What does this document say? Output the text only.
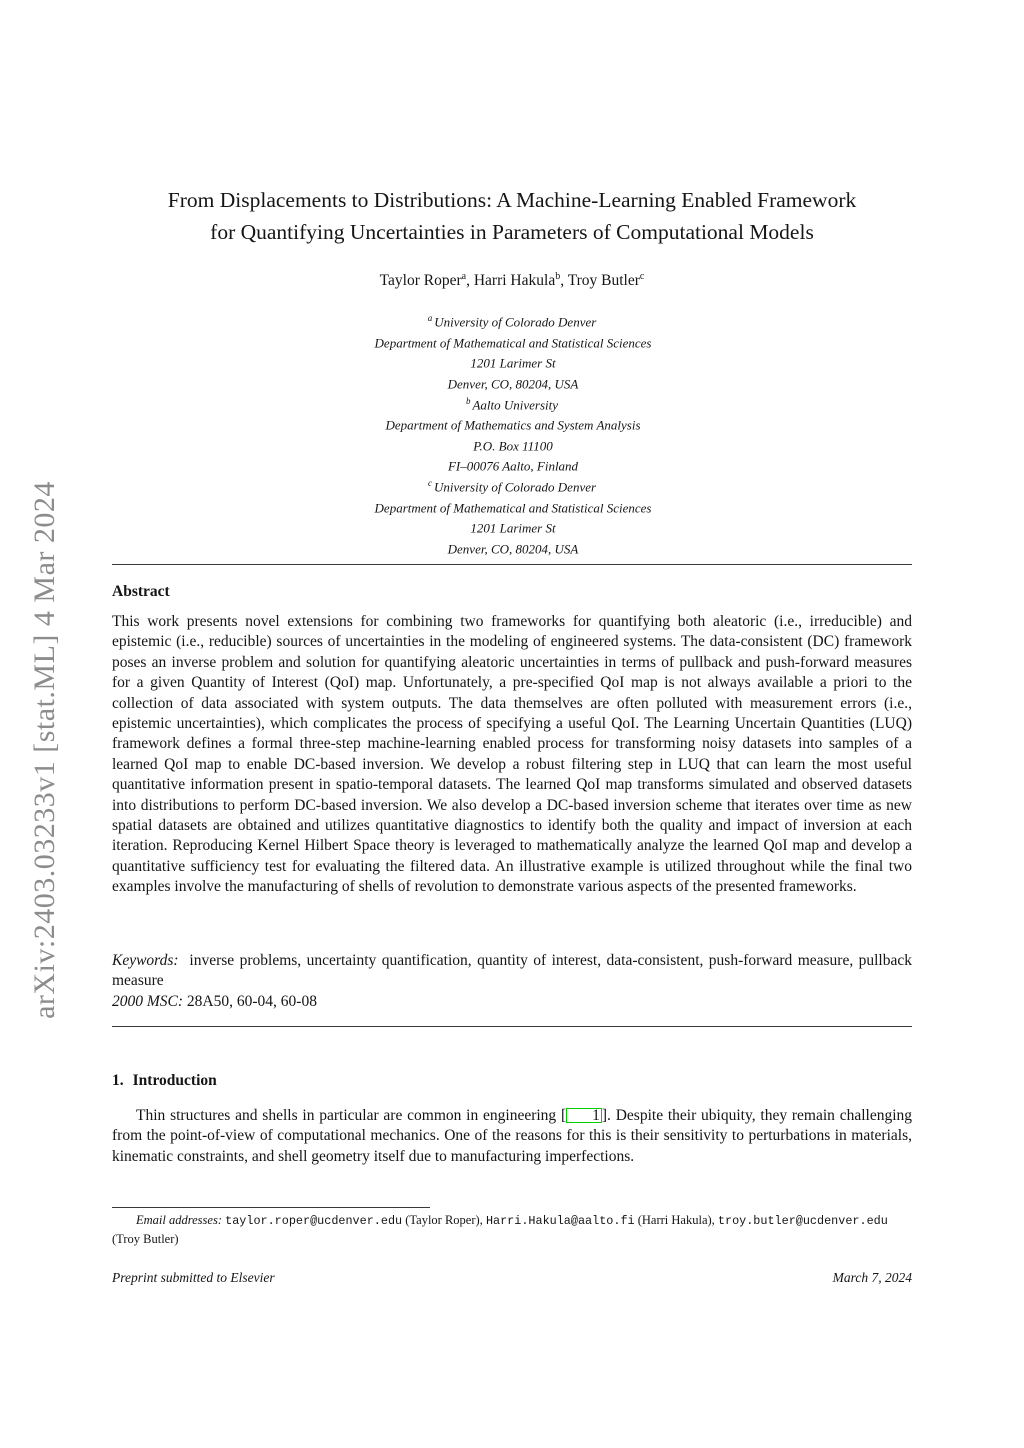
arXiv:2403.03233v1 [stat.ML] 4 Mar 2024
From Displacements to Distributions: A Machine-Learning Enabled Framework
for Quantifying Uncertainties in Parameters of Computational Models
Taylor Roper$^a$, Harri Hakula$^b$, Troy Butler$^c$
$^a$ University of Colorado Denver
Department of Mathematical and Statistical Sciences
1201 Larimer St
Denver, CO, 80204, USA
$^b$ Aalto University
Department of Mathematics and System Analysis
P.O. Box 11100
FI–00076 Aalto, Finland
$^c$ University of Colorado Denver
Department of Mathematical and Statistical Sciences
1201 Larimer St
Denver, CO, 80204, USA
Abstract
This work presents novel extensions for combining two frameworks for quantifying both aleatoric (i.e., irreducible) and epistemic (i.e., reducible) sources of uncertainties in the modeling of engineered systems. The data-consistent (DC) framework poses an inverse problem and solution for quantifying aleatoric uncertainties in terms of pullback and push-forward measures for a given Quantity of Interest (QoI) map. Unfortunately, a pre-specified QoI map is not always available a priori to the collection of data associated with system outputs. The data themselves are often polluted with measurement errors (i.e., epistemic uncertainties), which complicates the process of specifying a useful QoI. The Learning Uncertain Quantities (LUQ) framework defines a formal three-step machine-learning enabled process for transforming noisy datasets into samples of a learned QoI map to enable DC-based inversion. We develop a robust filtering step in LUQ that can learn the most useful quantitative information present in spatio-temporal datasets. The learned QoI map transforms simulated and observed datasets into distributions to perform DC-based inversion. We also develop a DC-based inversion scheme that iterates over time as new spatial datasets are obtained and utilizes quantitative diagnostics to identify both the quality and impact of inversion at each iteration. Reproducing Kernel Hilbert Space theory is leveraged to mathematically analyze the learned QoI map and develop a quantitative sufficiency test for evaluating the filtered data. An illustrative example is utilized throughout while the final two examples involve the manufacturing of shells of revolution to demonstrate various aspects of the presented frameworks.
Keywords: inverse problems, uncertainty quantification, quantity of interest, data-consistent, push-forward measure, pullback measure
2000 MSC: 28A50, 60-04, 60-08
1. Introduction
Thin structures and shells in particular are common in engineering [ 1 ]. Despite their ubiquity, they remain challenging from the point-of-view of computational mechanics. One of the reasons for this is their sensitivity to perturbations in materials, kinematic constraints, and shell geometry itself due to manufacturing imperfections.
Email addresses: taylor.roper@ucdenver.edu (Taylor Roper), Harri.Hakula@aalto.fi (Harri Hakula), troy.butler@ucdenver.edu (Troy Butler)
Preprint submitted to Elsevier	March 7, 2024
